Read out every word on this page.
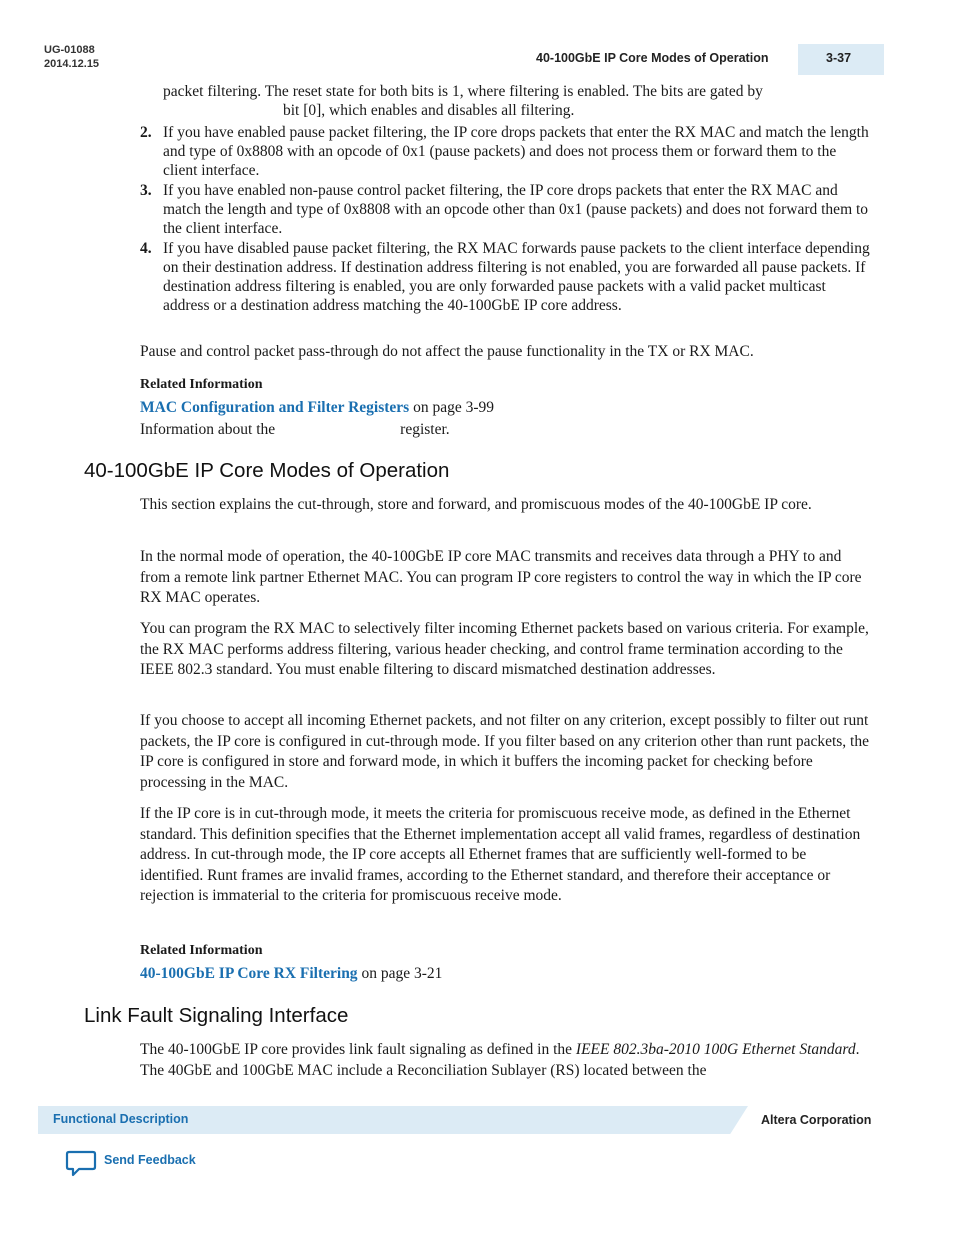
UG-01088
2014.12.15	40-100GbE IP Core Modes of Operation	3-37
packet filtering. The reset state for both bits is 1, where filtering is enabled. The bits are gated by
bit [0], which enables and disables all filtering.
2. If you have enabled pause packet filtering, the IP core drops packets that enter the RX MAC and match the length and type of 0x8808 with an opcode of 0x1 (pause packets) and does not process them or forward them to the client interface.
3. If you have enabled non‑pause control packet filtering, the IP core drops packets that enter the RX MAC and match the length and type of 0x8808 with an opcode other than 0x1 (pause packets) and does not forward them to the client interface.
4. If you have disabled pause packet filtering, the RX MAC forwards pause packets to the client interface depending on their destination address. If destination address filtering is not enabled, you are forwarded all pause packets. If destination address filtering is enabled, you are only forwarded pause packets with a valid packet multicast address or a destination address matching the 40‑100GbE IP core address.
Pause and control packet pass-through do not affect the pause functionality in the TX or RX MAC.
Related Information
MAC Configuration and Filter Registers on page 3-99
Information about the	register.
40-100GbE IP Core Modes of Operation
This section explains the cut-through, store and forward, and promiscuous modes of the 40-100GbE IP core.
In the normal mode of operation, the 40-100GbE IP core MAC transmits and receives data through a PHY to and from a remote link partner Ethernet MAC. You can program IP core registers to control the way in which the IP core RX MAC operates.
You can program the RX MAC to selectively filter incoming Ethernet packets based on various criteria. For example, the RX MAC performs address filtering, various header checking, and control frame termination according to the IEEE 802.3 standard. You must enable filtering to discard mismatched destination addresses.
If you choose to accept all incoming Ethernet packets, and not filter on any criterion, except possibly to filter out runt packets, the IP core is configured in cut‑through mode. If you filter based on any criterion other than runt packets, the IP core is configured in store and forward mode, in which it buffers the incoming packet for checking before processing in the MAC.
If the IP core is in cut‑through mode, it meets the criteria for promiscuous receive mode, as defined in the Ethernet standard. This definition specifies that the Ethernet implementation accept all valid frames, regardless of destination address. In cut-through mode, the IP core accepts all Ethernet frames that are sufficiently well-formed to be identified. Runt frames are invalid frames, according to the Ethernet standard, and therefore their acceptance or rejection is immaterial to the criteria for promiscuous receive mode.
Related Information
40-100GbE IP Core RX Filtering on page 3-21
Link Fault Signaling Interface
The 40‑100GbE IP core provides link fault signaling as defined in the IEEE 802.3ba-2010 100G Ethernet Standard. The 40GbE and 100GbE MAC include a Reconciliation Sublayer (RS) located between the
Functional Description	Altera Corporation
Send Feedback
